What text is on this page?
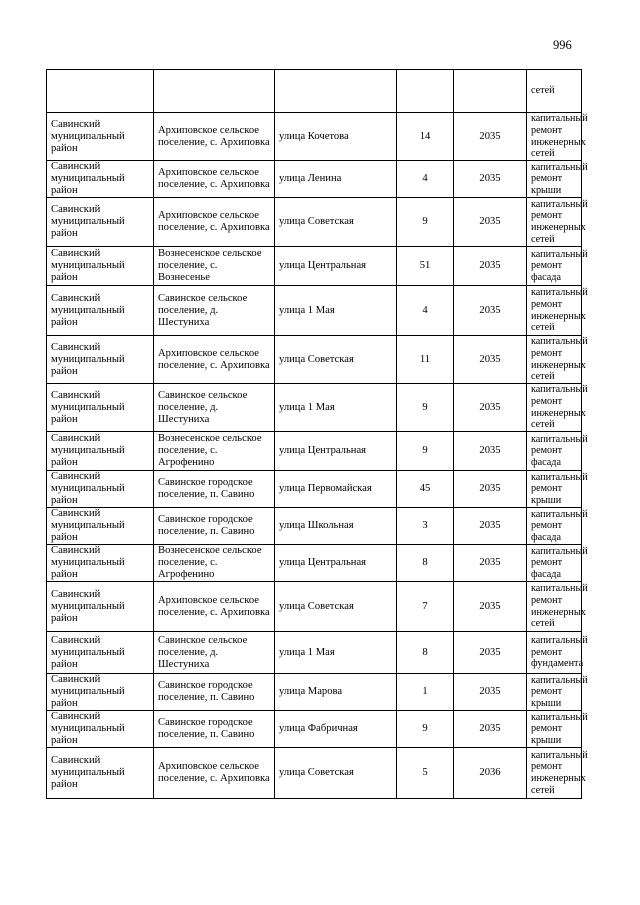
996
					сетей
Савинский муниципальный район	Архиповское сельское поселение, с. Архиповка	улица Кочетова	14	2035	капитальный ремонт инженерных сетей
Савинский муниципальный район	Архиповское сельское поселение, с. Архиповка	улица Ленина	4	2035	капитальный ремонт крыши
Савинский муниципальный район	Архиповское сельское поселение, с. Архиповка	улица Советская	9	2035	капитальный ремонт инженерных сетей
Савинский муниципальный район	Вознесенское сельское поселение, с. Вознесенье	улица Центральная	51	2035	капитальный ремонт фасада
Савинский муниципальный район	Савинское сельское поселение, д. Шестуниха	улица 1 Мая	4	2035	капитальный ремонт инженерных сетей
Савинский муниципальный район	Архиповское сельское поселение, с. Архиповка	улица Советская	11	2035	капитальный ремонт инженерных сетей
Савинский муниципальный район	Савинское сельское поселение, д. Шестуниха	улица 1 Мая	9	2035	капитальный ремонт инженерных сетей
Савинский муниципальный район	Вознесенское сельское поселение, с. Агрофенино	улица Центральная	9	2035	капитальный ремонт фасада
Савинский муниципальный район	Савинское городское поселение, п. Савино	улица Первомайская	45	2035	капитальный ремонт крыши
Савинский муниципальный район	Савинское городское поселение, п. Савино	улица Школьная	3	2035	капитальный ремонт фасада
Савинский муниципальный район	Вознесенское сельское поселение, с. Агрофенино	улица Центральная	8	2035	капитальный ремонт фасада
Савинский муниципальный район	Архиповское сельское поселение, с. Архиповка	улица Советская	7	2035	капитальный ремонт инженерных сетей
Савинский муниципальный район	Савинское сельское поселение, д. Шестуниха	улица 1 Мая	8	2035	капитальный ремонт фундамента
Савинский муниципальный район	Савинское городское поселение, п. Савино	улица Марова	1	2035	капитальный ремонт крыши
Савинский муниципальный район	Савинское городское поселение, п. Савино	улица Фабричная	9	2035	капитальный ремонт крыши
Савинский муниципальный район	Архиповское сельское поселение, с. Архиповка	улица Советская	5	2036	капитальный ремонт инженерных сетей
